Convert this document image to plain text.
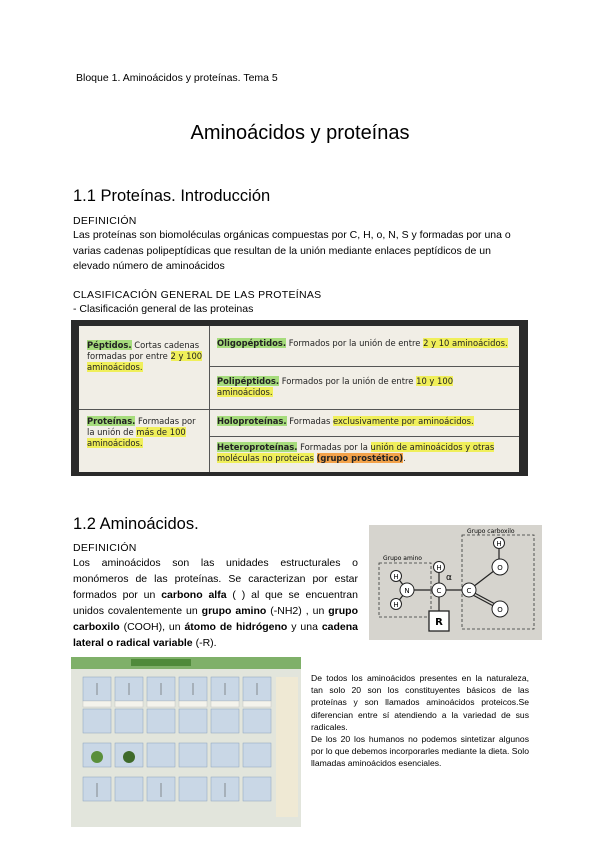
Bloque 1. Aminoácidos y proteínas. Tema 5
Aminoácidos y proteínas
1.1 Proteínas. Introducción
DEFINICIÓN

Las proteínas son biomoléculas orgánicas compuestas por C, H, o, N, S y formadas por una o varias cadenas polipeptídicas que resultan de la unión mediante enlaces peptídicos de un elevado número de aminoácidos

CLASIFICACIÓN GENERAL DE LAS PROTEÍNAS
- Clasificación general de las proteinas
Péptidos. Cortas cadenas formadas por entre 2 y 100 aminoácidos.
Oligopéptidos. Formados por la unión de entre 2 y 10 aminoácidos.
Polipéptidos. Formados por la unión de entre 10 y 100 aminoácidos.
Proteínas. Formadas por la unión de más de 100 aminoácidos.
Holoproteínas. Formadas exclusivamente por aminoácidos.
Heteroproteínas. Formadas por la unión de aminoácidos y otras moléculas no proteicas (grupo prostético).
1.2 Aminoácidos.
DEFINICIÓN

Los aminoácidos son las unidades estructurales o monómeros de las proteínas. Se caracterizan por estar formados por un carbono alfa ( ) al que se encuentran unidos covalentemente un grupo amino (-NH2) , un grupo carboxilo (COOH), un átomo de hidrógeno y una cadena lateral o radical variable (-R).

Grupo carboxilo
Grupo amino
N
H
H
C
α
H
R
C
O
O
H

De todos los aminoácidos presentes en la naturaleza, tan solo 20 son los constituyentes básicos de las proteínas y son llamados aminoácidos proteicos.Se diferencian entre sí atendiendo a la variedad de sus radicales.

De los 20 los humanos no podemos sintetizar algunos por lo que debemos incorporarles mediante la dieta. Solo llamadas aminoácidos esenciales.
